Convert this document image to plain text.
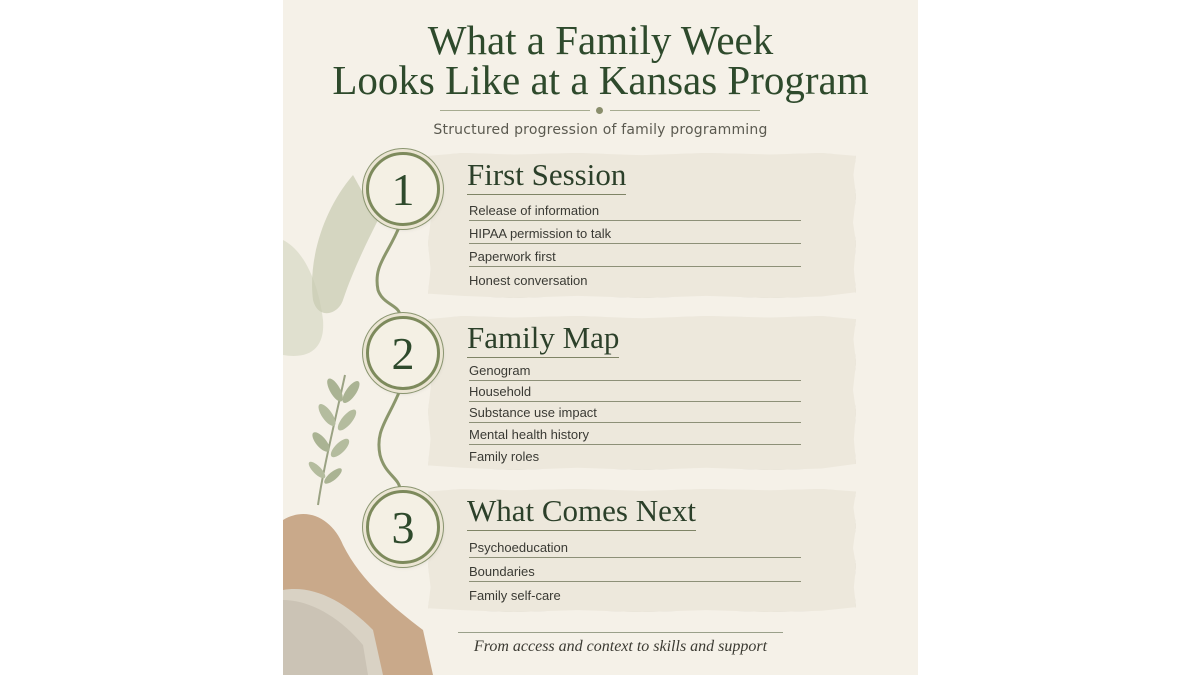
What a Family Week
Looks Like at a Kansas Program
Structured progression of family programming
1	First Session
Release of information
HIPAA permission to talk
Paperwork first
Honest conversation
2	Family Map
Genogram
Household
Substance use impact
Mental health history
Family roles
3	What Comes Next
Psychoeducation
Boundaries
Family self-care
From access and context to skills and support
